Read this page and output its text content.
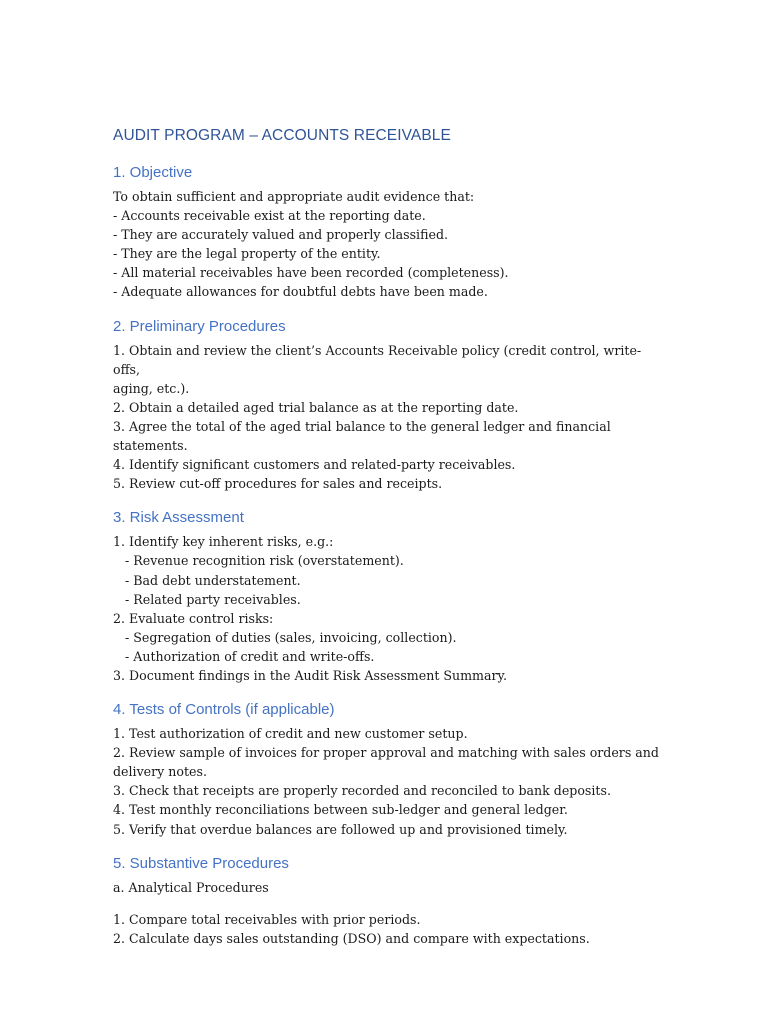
AUDIT PROGRAM – ACCOUNTS RECEIVABLE
1. Objective
To obtain sufficient and appropriate audit evidence that:
- Accounts receivable exist at the reporting date.
- They are accurately valued and properly classified.
- They are the legal property of the entity.
- All material receivables have been recorded (completeness).
- Adequate allowances for doubtful debts have been made.
2. Preliminary Procedures
1. Obtain and review the client’s Accounts Receivable policy (credit control, write-offs,
aging, etc.).
2. Obtain a detailed aged trial balance as at the reporting date.
3. Agree the total of the aged trial balance to the general ledger and financial statements.
4. Identify significant customers and related-party receivables.
5. Review cut-off procedures for sales and receipts.
3. Risk Assessment
1. Identify key inherent risks, e.g.:
- Revenue recognition risk (overstatement).
- Bad debt understatement.
- Related party receivables.
2. Evaluate control risks:
- Segregation of duties (sales, invoicing, collection).
- Authorization of credit and write-offs.
3. Document findings in the Audit Risk Assessment Summary.
4. Tests of Controls (if applicable)
1. Test authorization of credit and new customer setup.
2. Review sample of invoices for proper approval and matching with sales orders and
delivery notes.
3. Check that receipts are properly recorded and reconciled to bank deposits.
4. Test monthly reconciliations between sub-ledger and general ledger.
5. Verify that overdue balances are followed up and provisioned timely.
5. Substantive Procedures
a. Analytical Procedures
1. Compare total receivables with prior periods.
2. Calculate days sales outstanding (DSO) and compare with expectations.
